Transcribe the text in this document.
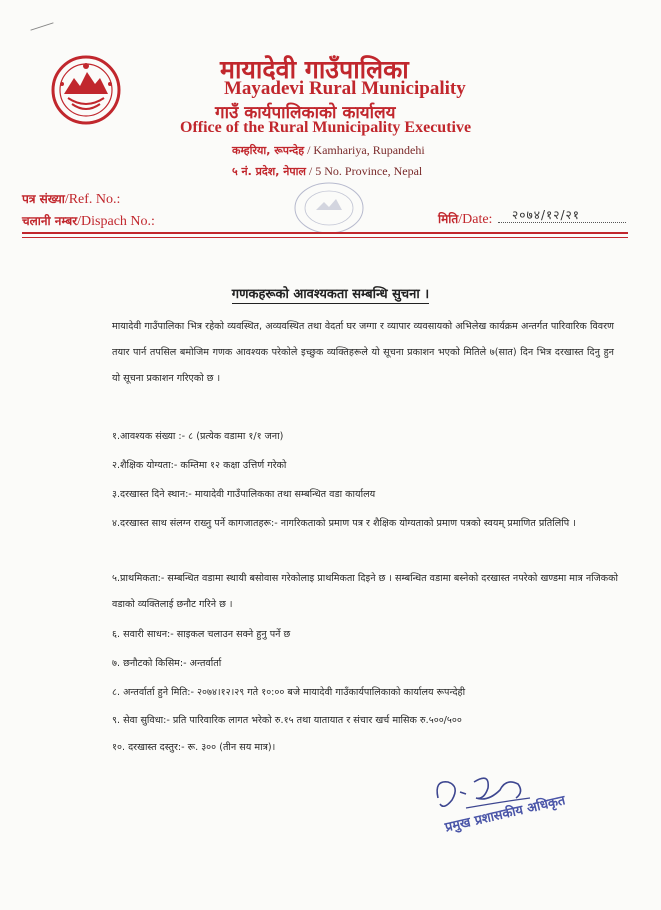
मायादेवी गाउँपालिका
Mayadevi Rural Municipality
गाउँ कार्यपालिकाको कार्यालय
Office of the Rural Municipality Executive
कम्हरिया, रूपन्देह / Kamhariya, Rupandehi
५ नं. प्रदेश, नेपाल / 5 No. Province, Nepal
पत्र संख्या/Ref. No.:
चलानी नम्बर/Dispach No.:	मिति/Date: २०७४/१२/२१
गणकहरूको आवश्यकता सम्बन्धि सुचना ।

मायादेवी गाउँपालिका भित्र रहेको व्यवस्थित, अव्यवस्थित तथा वेदर्ता घर जग्गा र व्यापार व्यवसायको अभिलेख कार्यक्रम अन्तर्गत पारिवारिक विवरण तयार पार्न तपसिल बमोजिम गणक आवश्यक परेकोले इच्छुक व्यक्तिहरूले यो सूचना प्रकाशन भएको मितिले ७(सात) दिन भित्र दरखास्त दिनु हुन यो सूचना प्रकाशन गरिएको छ ।

१.आवश्यक संख्या :- ८ (प्रत्येक वडामा १/१ जना)
२.शैक्षिक योग्यता:- कम्तिमा १२ कक्षा उत्तिर्ण गरेको
३.दरखास्त दिने स्थान:- मायादेवी गाउँपालिकका तथा सम्बन्धित वडा कार्यालय
४.दरखास्त साथ संलग्न राख्नु पर्ने कागजातहरू:- नागरिकताको प्रमाण पत्र र शैक्षिक योग्यताको प्रमाण पत्रको स्वयम् प्रमाणित प्रतिलिपि ।
५.प्राथमिकता:- सम्बन्धित वडामा स्थायी बसोवास गरेकोलाइ प्राथमिकता दिइने छ । सम्बन्धित वडामा बस्नेको दरखास्त नपरेको खण्डमा मात्र नजिकको वडाको व्यक्तिलाई छनौट गरिने छ ।
६. सवारी साधन:- साइकल चलाउन सक्ने हुनु पर्ने छ
७. छनौटको किसिम:- अन्तर्वार्ता
८. अन्तर्वार्ता हुने मिति:- २०७४।१२।२९ गते १०:०० बजे मायादेवी गाउँकार्यपालिकाको कार्यालय रूपन्देही
९. सेवा सुविधा:- प्रति पारिवारिक लागत भरेको रु.१५ तथा यातायात र संचार खर्च मासिक रु.५००/५००
१०. दरखास्त दस्तुर:- रू. ३०० (तीन सय मात्र)।
प्रमुख प्रशासकीय अधिकृत
